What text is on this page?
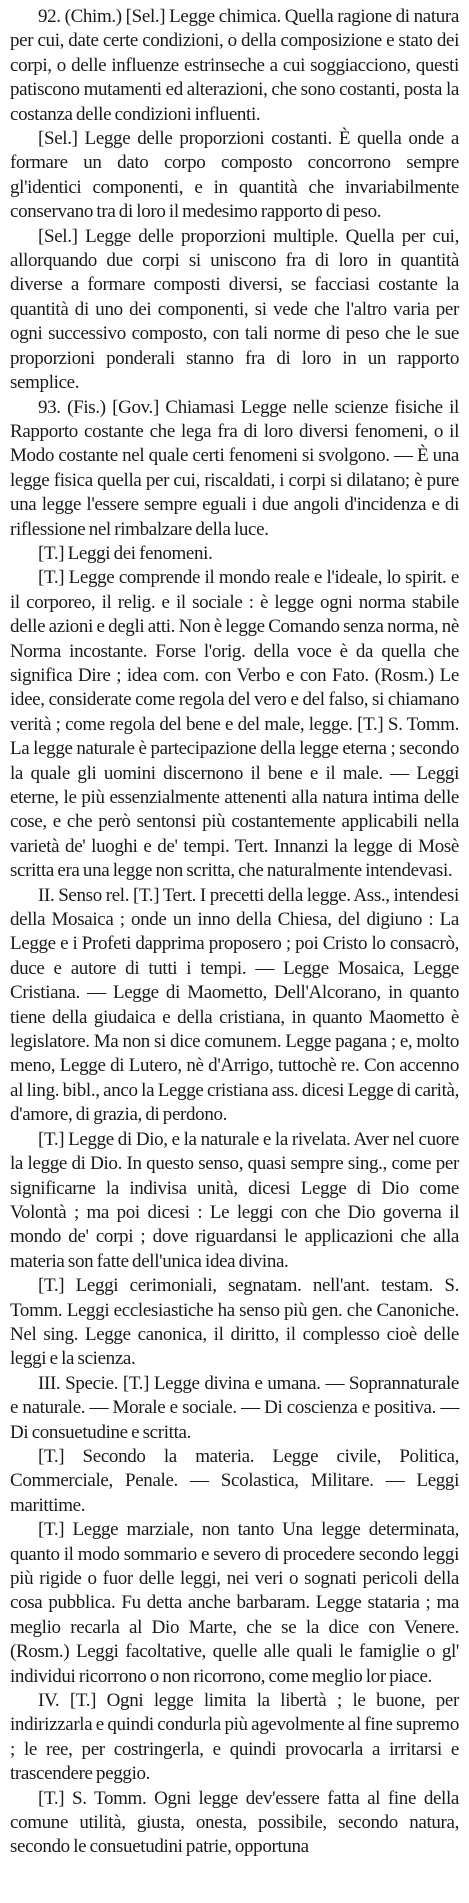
92. (Chim.) [Sel.] Legge chimica. Quella ragione di natura per cui, date certe condizioni, o della composizione e stato dei corpi, o delle influenze estrinseche a cui soggiacciono, questi patiscono mutamenti ed alterazioni, che sono costanti, posta la costanza delle condizioni influenti.

[Sel.] Legge delle proporzioni costanti. È quella onde a formare un dato corpo composto concorrono sempre gl'identici componenti, e in quantità che invariabilmente conservano tra di loro il medesimo rapporto di peso.

[Sel.] Legge delle proporzioni multiple. Quella per cui, allorquando due corpi si uniscono fra di loro in quantità diverse a formare composti diversi, se facciasi costante la quantità di uno dei componenti, si vede che l'altro varia per ogni successivo composto, con tali norme di peso che le sue proporzioni ponderali stanno fra di loro in un rapporto semplice.

93. (Fis.) [Gov.] Chiamasi Legge nelle scienze fisiche il Rapporto costante che lega fra di loro diversi fenomeni, o il Modo costante nel quale certi fenomeni si svolgono. — È una legge fisica quella per cui, riscaldati, i corpi si dilatano; è pure una legge l'essere sempre eguali i due angoli d'incidenza e di riflessione nel rimbalzare della luce.

[T.] Leggi dei fenomeni.

[T.] Legge comprende il mondo reale e l'ideale, lo spirit. e il corporeo, il relig. e il sociale : è legge ogni norma stabile delle azioni e degli atti. Non è legge Comando senza norma, nè Norma incostante. Forse l'orig. della voce è da quella che significa Dire ; idea com. con Verbo e con Fato. (Rosm.) Le idee, considerate come regola del vero e del falso, si chiamano verità ; come regola del bene e del male, legge. [T.] S. Tomm. La legge naturale è partecipazione della legge eterna ; secondo la quale gli uomini discernono il bene e il male. — Leggi eterne, le più essenzialmente attenenti alla natura intima delle cose, e che però sentonsi più costantemente applicabili nella varietà de' luoghi e de' tempi. Tert. Innanzi la legge di Mosè scritta era una legge non scritta, che naturalmente intendevasi.

II. Senso rel. [T.] Tert. I precetti della legge. Ass., intendesi della Mosaica ; onde un inno della Chiesa, del digiuno : La Legge e i Profeti dapprima proposero ; poi Cristo lo consacrò, duce e autore di tutti i tempi. — Legge Mosaica, Legge Cristiana. — Legge di Maometto, Dell'Alcorano, in quanto tiene della giudaica e della cristiana, in quanto Maometto è legislatore. Ma non si dice comunem. Legge pagana ; e, molto meno, Legge di Lutero, nè d'Arrigo, tuttochè re. Con accenno al ling. bibl., anco la Legge cristiana ass. dicesi Legge di carità, d'amore, di grazia, di perdono.

[T.] Legge di Dio, e la naturale e la rivelata. Aver nel cuore la legge di Dio. In questo senso, quasi sempre sing., come per significarne la indivisa unità, dicesi Legge di Dio come Volontà ; ma poi dicesi : Le leggi con che Dio governa il mondo de' corpi ; dove riguardansi le applicazioni che alla materia son fatte dell'unica idea divina.

[T.] Leggi cerimoniali, segnatam. nell'ant. testam. S. Tomm. Leggi ecclesiastiche ha senso più gen. che Canoniche. Nel sing. Legge canonica, il diritto, il complesso cioè delle leggi e la scienza.

III. Specie. [T.] Legge divina e umana. — Soprannaturale e naturale. — Morale e sociale. — Di coscienza e positiva. — Di consuetudine e scritta.

[T.] Secondo la materia. Legge civile, Politica, Commerciale, Penale. — Scolastica, Militare. — Leggi marittime.

[T.] Legge marziale, non tanto Una legge determinata, quanto il modo sommario e severo di procedere secondo leggi più rigide o fuor delle leggi, nei veri o sognati pericoli della cosa pubblica. Fu detta anche barbaram. Legge stataria ; ma meglio recarla al Dio Marte, che se la dice con Venere. (Rosm.) Leggi facoltative, quelle alle quali le famiglie o gl' individui ricorrono o non ricorrono, come meglio lor piace.

IV. [T.] Ogni legge limita la libertà ; le buone, per indirizzarla e quindi condurla più agevolmente al fine supremo ; le ree, per costringerla, e quindi provocarla a irritarsi e trascendere peggio.

[T.] S. Tomm. Ogni legge dev'essere fatta al fine della comune utilità, giusta, onesta, possibile, secondo natura, secondo le consuetudini patrie, opportuna
